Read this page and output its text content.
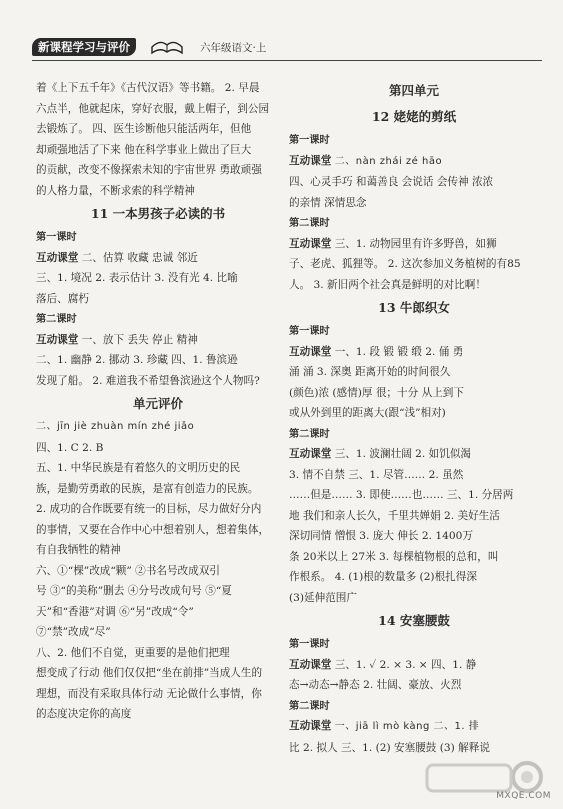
新课程学习与评价	六年级语文·上

着《上下五千年》《古代汉语》等书籍。 2. 早晨

六点半，他就起床，穿好衣服，戴上帽子，到公园

去锻炼了。 四、医生诊断他只能活两年，但他

却顽强地活了下来 他在科学事业上做出了巨大

的贡献，改变不像探索未知的宇宙世界 勇敢顽强

的人格力量，不断求索的科学精神

11 一本男孩子必读的书

第一课时

互动课堂 二、估算 收藏 忠诚 邻近

三、1. 境况 2. 表示估计 3. 没有光 4. 比喻

落后、腐朽

第二课时

互动课堂 一、放下 丢失 停止 精神

二、1. 幽静 2. 挪动 3. 珍藏 四、1. 鲁滨逊

发现了船。 2. 难道我不希望鲁滨逊这个人物吗?

单元评价

二、jīn jiè zhuàn mín zhé jiǎo

四、1. C 2. B

五、1. 中华民族是有着悠久的文明历史的民

族，是勤劳勇敢的民族，是富有创造力的民族。

2. 成功的合作既要有统一的目标，尽力做好分内

的事情，又要在合作中心中想着别人，想着集体，

有自我牺牲的精神

六、①“棵”改成“颗” ②书名号改成双引

号 ③“的美称”删去 ④分号改成句号 ⑤“夏

天”和“香港”对调 ⑥“另”改成“令”

⑦“禁”改成“尽”

八、2. 他们不自觉，更重要的是他们把理

想变成了行动 他们仅仅把“坐在前排”当成人生的

理想，而没有采取具体行动 无论做什么事情，你

的态度决定你的高度

第四单元

12 姥姥的剪纸

第一课时

互动课堂 二、nàn zhái zé hāo

四、心灵手巧 和蔼善良 会说话 会传神 浓浓

的亲情 深情思念

第二课时

互动课堂 三、1. 动物园里有许多野兽，如狮

子、老虎、狐狸等。 2. 这次参加义务植树的有85

人。 3. 新旧两个社会真是鲜明的对比啊！

13 牛郎织女

第一课时

互动课堂 一、1. 段 锻 锻 缎 2. 俑 勇

涌 涌 3. 深奥 距离开始的时间很久

(颜色)浓 (感情)厚 很；十分 从上到下

或从外到里的距离大(跟“浅”相对)

第二课时

互动课堂 三、1. 波澜壮阔 2. 如饥似渴

3. 情不自禁 三、1. 尽管…… 2. 虽然

……但是…… 3. 即使……也…… 三、1. 分居两

地 我们和亲人长久，千里共婵娟 2. 美好生活

深切同情 憎恨 3. 庞大 伸长 2. 1400万

条 20米以上 27米 3. 每棵植物根的总和，叫

作根系。 4. (1)根的数量多 (2)根扎得深

(3)延伸范围广

14 安塞腰鼓

第一课时

互动课堂 三、1. ✓ 2. × 3. × 四、1. 静

态→动态→静态 2. 壮阔、豪放、火烈

第二课时

互动课堂 一、jiā lì mò kàng 二、1. 排

比 2. 拟人 三、1. (2) 安塞腰鼓 (3) 解释说

MXQE.COM
